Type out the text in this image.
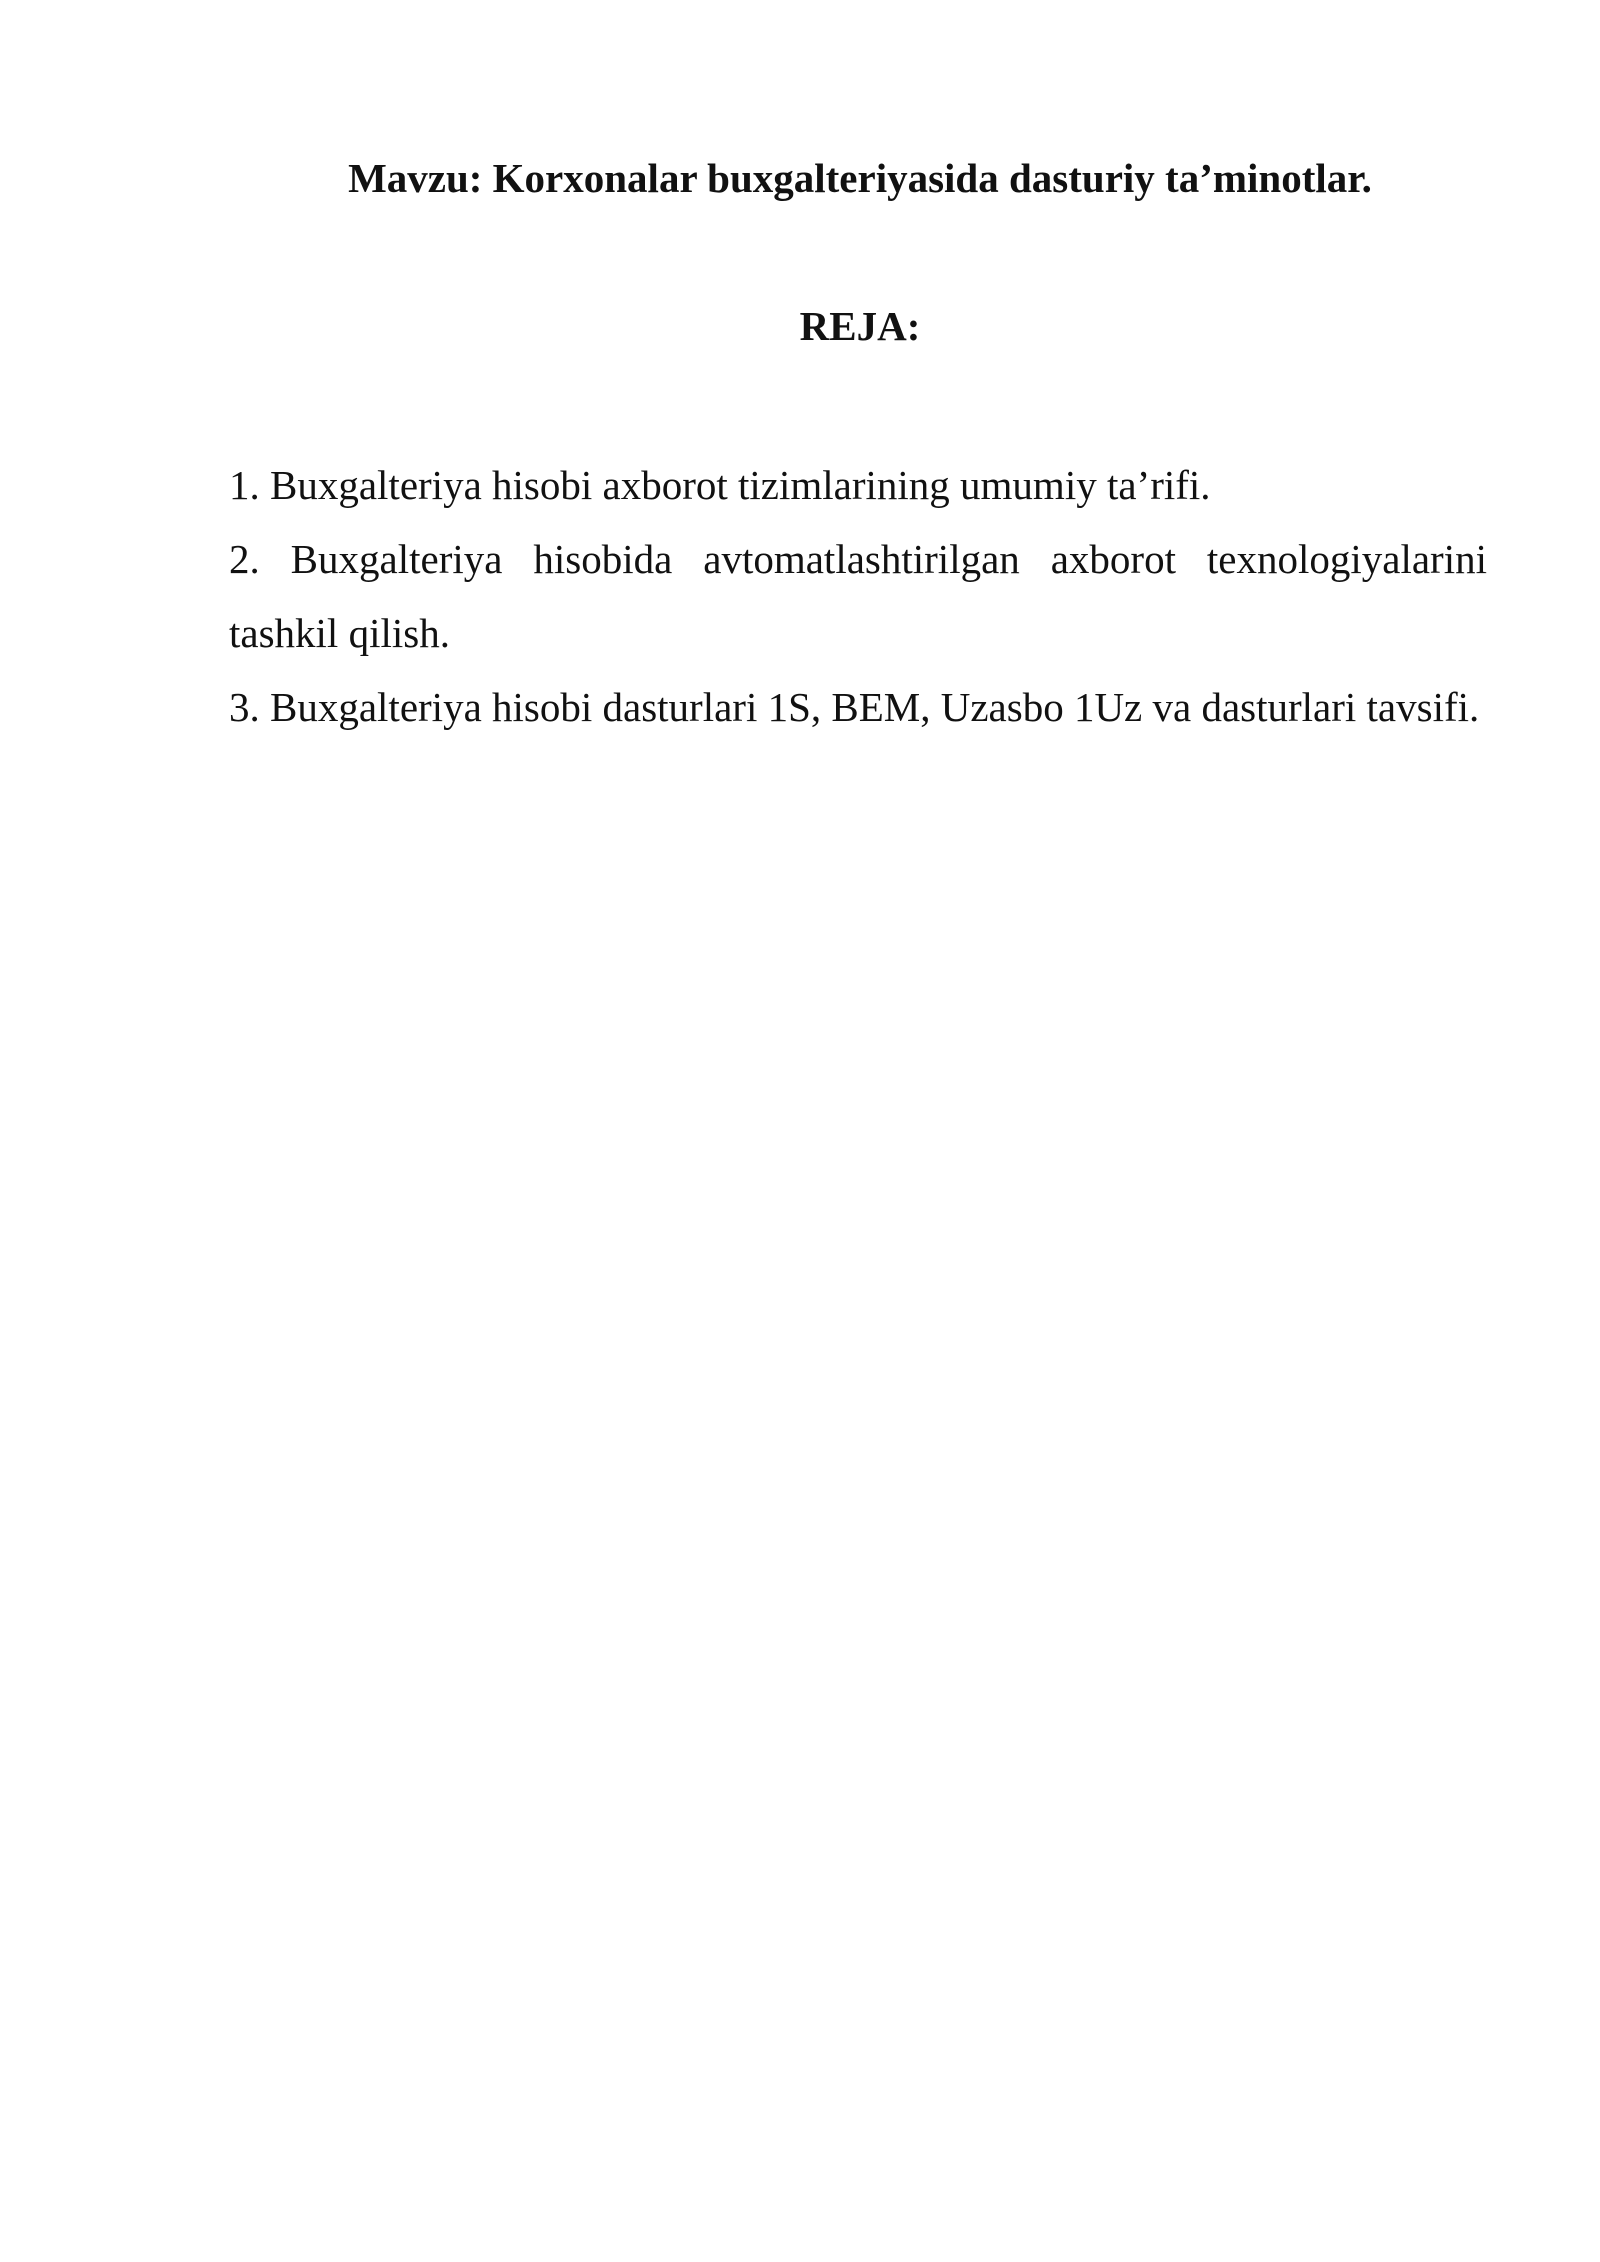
Mavzu: Korxonalar buxgalteriyasida dasturiy ta’minotlar.
REJA:
1. Buxgalteriya hisobi axborot tizimlarining umumiy ta’rifi.
2. Buxgalteriya hisobida avtomatlashtirilgan axborot texnologiyalarini tashkil qilish.
3. Buxgalteriya hisobi dasturlari 1S, BEM, Uzasbo 1Uz va dasturlari tavsifi.
